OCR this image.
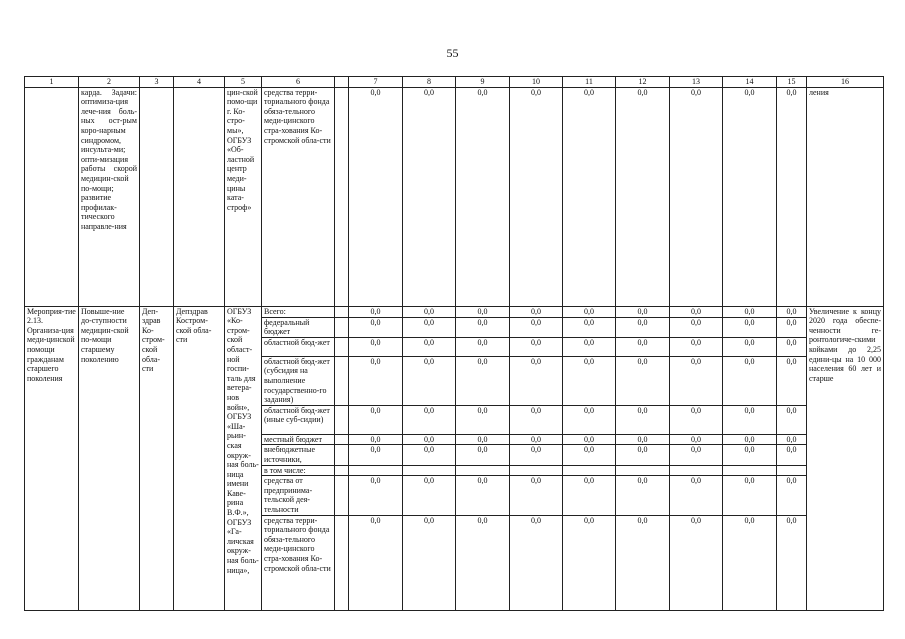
55
1	2	3	4	5	6		7	8	9	10	11	12	13	14	15	16
	карда. Задачи: оптимиза-ция лече-ния боль-ных ост-рым коро-нарным синдромом, инсульта-ми; опти-мизация работы скорой медицин-ской по-мощи; развитие профилак-тического направле-ния			цин-ской помо-щи г. Ко-стро-мы», ОГБУЗ «Об-ластной центр меди-цины ката-строф»	средства терри-ториального фонда обяза-тельного меди-цинского стра-хования Ко-стромской обла-сти		0,0	0,0	0,0	0,0	0,0	0,0	0,0	0,0	0,0	ления
Мероприя-тие 2.13. Организа-ция меди-цинской помощи гражданам старшего поколения	Повыше-ние до-ступности медицин-ской по-мощи старшему поколению	Деп-здрав Ко-стром-ской обла-сти	Депздрав Костром-ской обла-сти	ОГБУЗ «Ко-стром-ской област-ной госпи-таль для ветера-нов войн», ОГБУЗ «Ша-рьин-ская окруж-ная боль-ница имени Каве-рина В.Ф.», ОГБУЗ «Га-личская окруж-ная боль-ница»,	Всего:		0,0	0,0	0,0	0,0	0,0	0,0	0,0	0,0	0,0	Увеличение к концу 2020 года обеспе-ченности ге-ронтологиче-скими койками до 2,25 едини-цы на 10 000 населения 60 лет и старше
					федеральный бюджет		0,0	0,0	0,0	0,0	0,0	0,0	0,0	0,0	0,0	
					областной бюд-жет		0,0	0,0	0,0	0,0	0,0	0,0	0,0	0,0	0,0	
					областной бюд-жет (субсидия на выполнение государственно-го задания)		0,0	0,0	0,0	0,0	0,0	0,0	0,0	0,0	0,0	
					областной бюд-жет (иные суб-сидии)		0,0	0,0	0,0	0,0	0,0	0,0	0,0	0,0	0,0	
					местный бюджет		0,0	0,0	0,0	0,0	0,0	0,0	0,0	0,0	0,0	
					внебюджетные источники,		0,0	0,0	0,0	0,0	0,0	0,0	0,0	0,0	0,0	
					в том числе:											
					средства от предпринима-тельской дея-тельности		0,0	0,0	0,0	0,0	0,0	0,0	0,0	0,0	0,0	
					средства терри-ториального фонда обяза-тельного меди-цинского стра-хования Ко-стромской обла-сти		0,0	0,0	0,0	0,0	0,0	0,0	0,0	0,0	0,0	
